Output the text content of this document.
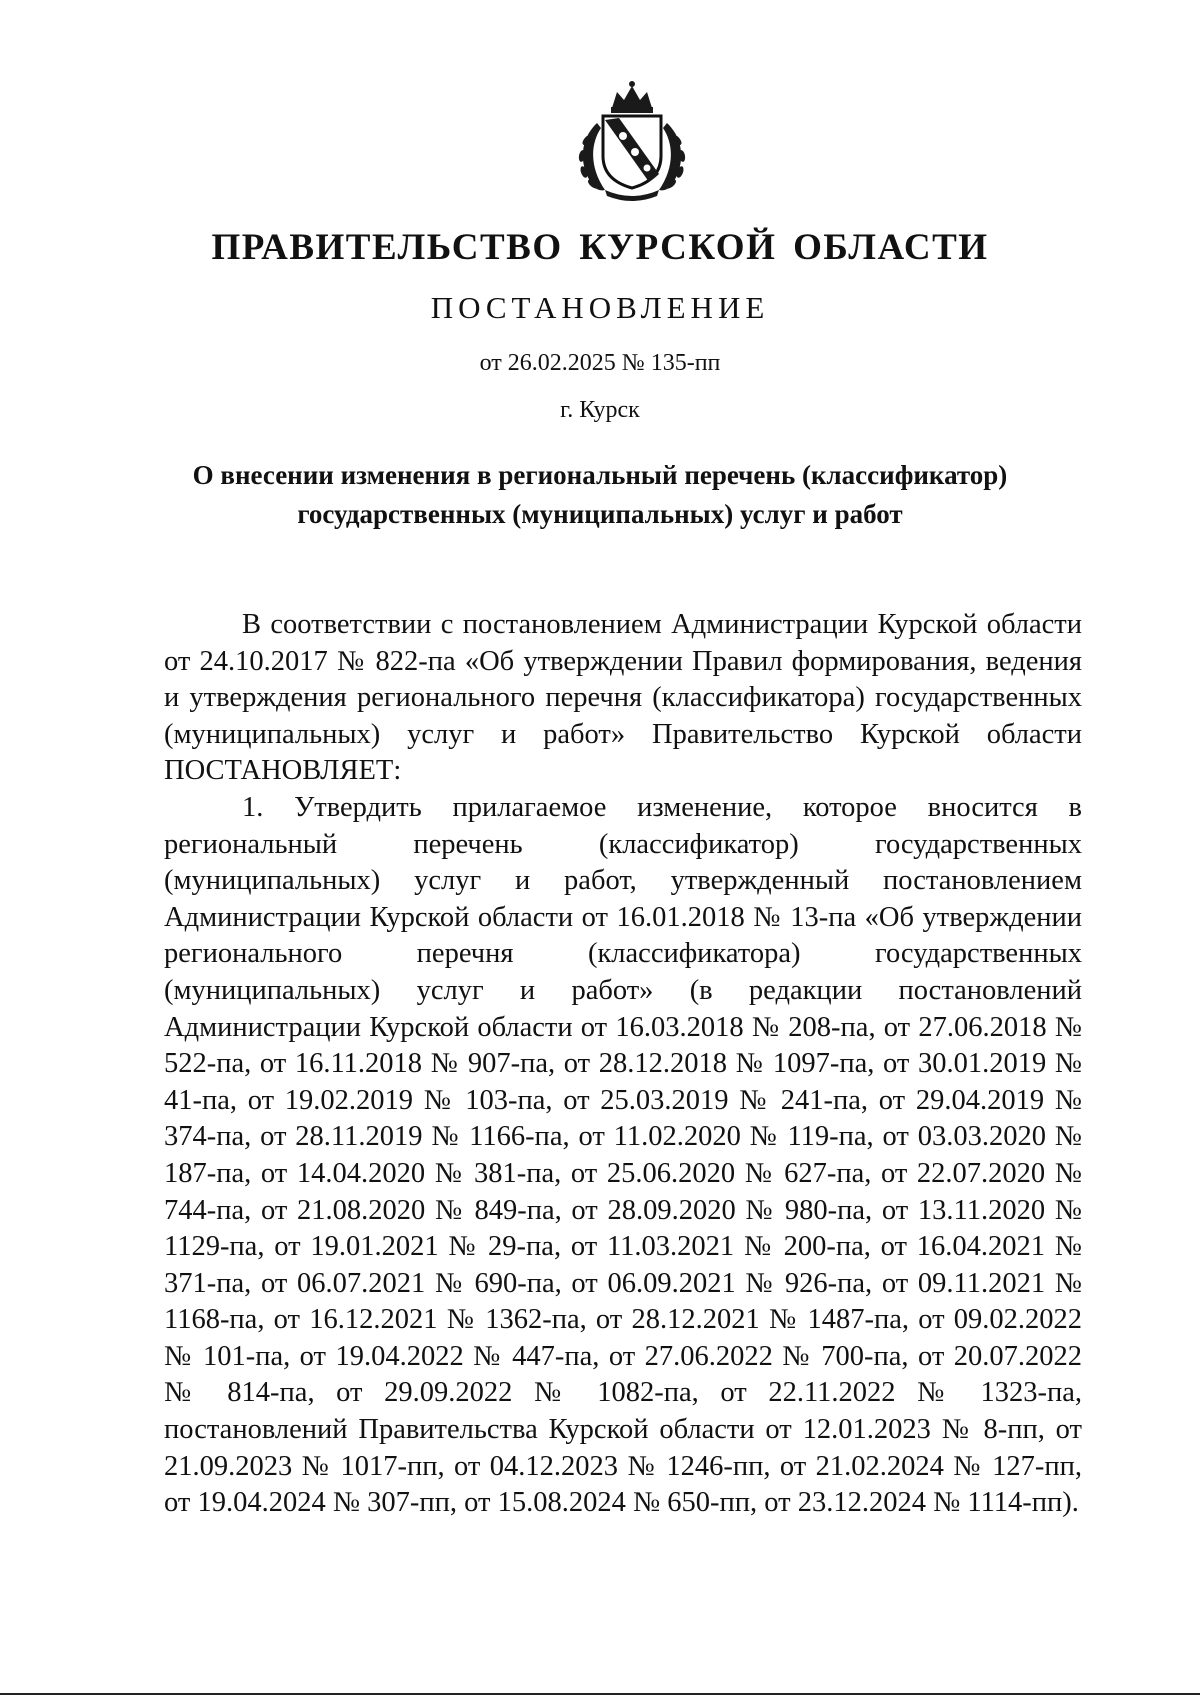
ПРАВИТЕЛЬСТВО КУРСКОЙ ОБЛАСТИ
ПОСТАНОВЛЕНИЕ
от 26.02.2025 № 135-пп
г. Курск
О внесении изменения в региональный перечень (классификатор)
государственных (муниципальных) услуг и работ

В соответствии с постановлением Администрации Курской области от 24.10.2017 № 822-па «Об утверждении Правил формирования, ведения и утверждения регионального перечня (классификатора) государственных (муниципальных) услуг и работ» Правительство Курской области ПОСТАНОВЛЯЕТ:

1. Утвердить прилагаемое изменение, которое вносится в региональный перечень (классификатор) государственных (муниципальных) услуг и работ, утвержденный постановлением Администрации Курской области от 16.01.2018 № 13-па «Об утверждении регионального перечня (классификатора) государственных (муниципальных) услуг и работ» (в редакции постановлений Администрации Курской области от 16.03.2018 № 208-па, от 27.06.2018 № 522-па, от 16.11.2018 № 907-па, от 28.12.2018 № 1097-па, от 30.01.2019 № 41-па, от 19.02.2019 № 103-па, от 25.03.2019 № 241-па, от 29.04.2019 № 374-па, от 28.11.2019 № 1166-па, от 11.02.2020 № 119-па, от 03.03.2020 № 187-па, от 14.04.2020 № 381-па, от 25.06.2020 № 627-па, от 22.07.2020 № 744-па, от 21.08.2020 № 849-па, от 28.09.2020 № 980-па, от 13.11.2020 № 1129-па, от 19.01.2021 № 29-па, от 11.03.2021 № 200-па, от 16.04.2021 № 371-па, от 06.07.2021 № 690-па, от 06.09.2021 № 926-па, от 09.11.2021 № 1168-па, от 16.12.2021 № 1362-па, от 28.12.2021 № 1487-па, от 09.02.2022 № 101-па, от 19.04.2022 № 447-па, от 27.06.2022 № 700-па, от 20.07.2022 № 814-па, от 29.09.2022 № 1082-па, от 22.11.2022 № 1323-па, постановлений Правительства Курской области от 12.01.2023 № 8-пп, от 21.09.2023 № 1017-пп, от 04.12.2023 № 1246-пп, от 21.02.2024 № 127-пп, от 19.04.2024 № 307-пп, от 15.08.2024 № 650-пп, от 23.12.2024 № 1114-пп).
